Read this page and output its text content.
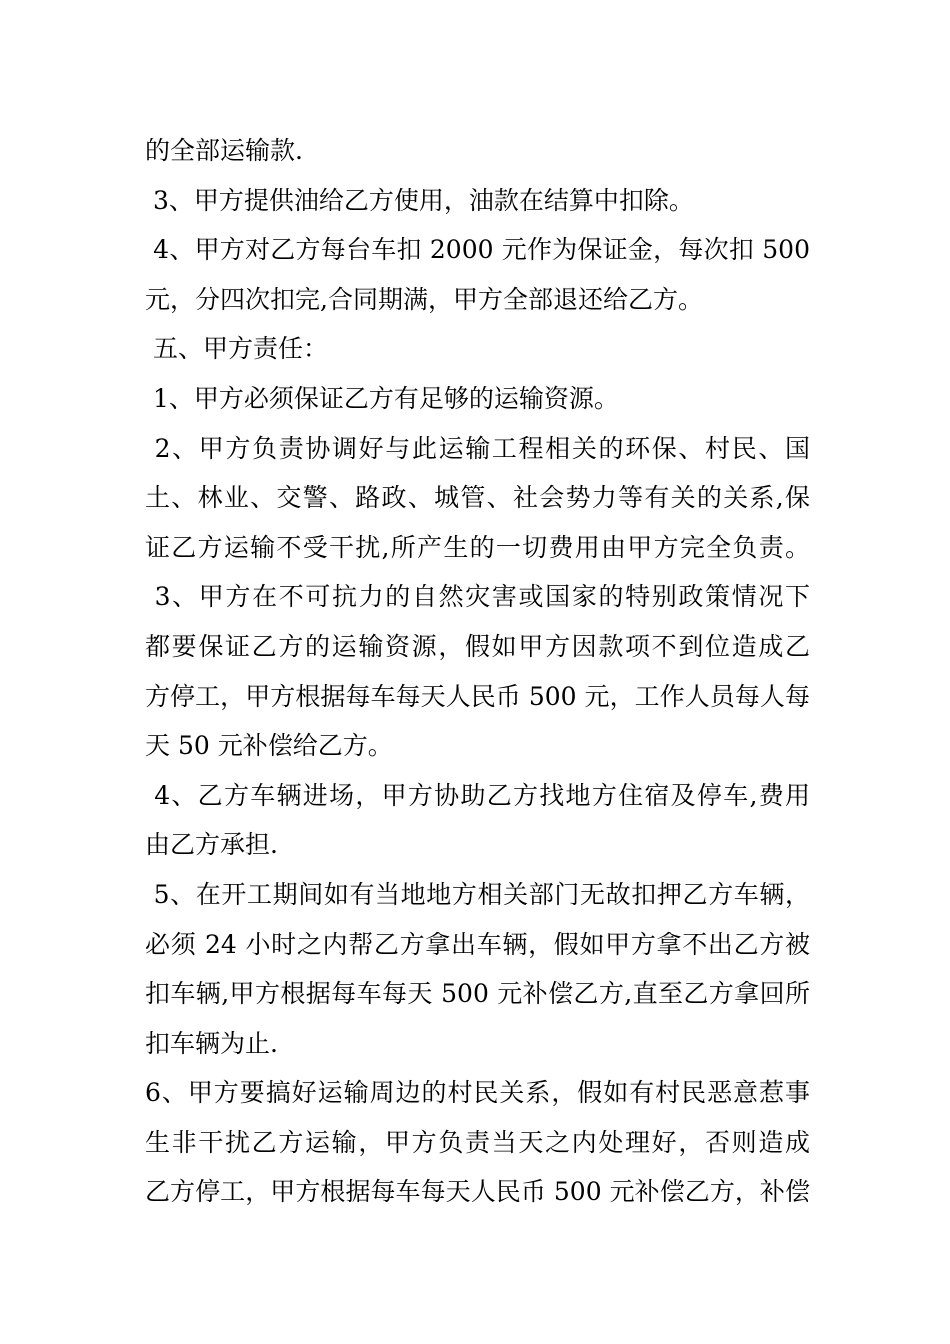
的全部运输款.
3、甲方提供油给乙方使用，油款在结算中扣除。
4、甲方对乙方每台车扣 2000 元作为保证金，每次扣 500
元，分四次扣完,合同期满，甲方全部退还给乙方。
五、甲方责任：
1、甲方必须保证乙方有足够的运输资源。
2、甲方负责协调好与此运输工程相关的环保、村民、国
土、林业、交警、路政、城管、社会势力等有关的关系,保
证乙方运输不受干扰,所产生的一切费用由甲方完全负责。
3、甲方在不可抗力的自然灾害或国家的特别政策情况下
都要保证乙方的运输资源，假如甲方因款项不到位造成乙
方停工，甲方根据每车每天人民币 500 元，工作人员每人每
天 50 元补偿给乙方。
4、乙方车辆进场，甲方协助乙方找地方住宿及停车,费用
由乙方承担.
5、在开工期间如有当地地方相关部门无故扣押乙方车辆，
必须 24 小时之内帮乙方拿出车辆，假如甲方拿不出乙方被
扣车辆,甲方根据每车每天 500 元补偿乙方,直至乙方拿回所
扣车辆为止.
6、甲方要搞好运输周边的村民关系，假如有村民恶意惹事
生非干扰乙方运输，甲方负责当天之内处理好，否则造成
乙方停工，甲方根据每车每天人民币 500 元补偿乙方，补偿
